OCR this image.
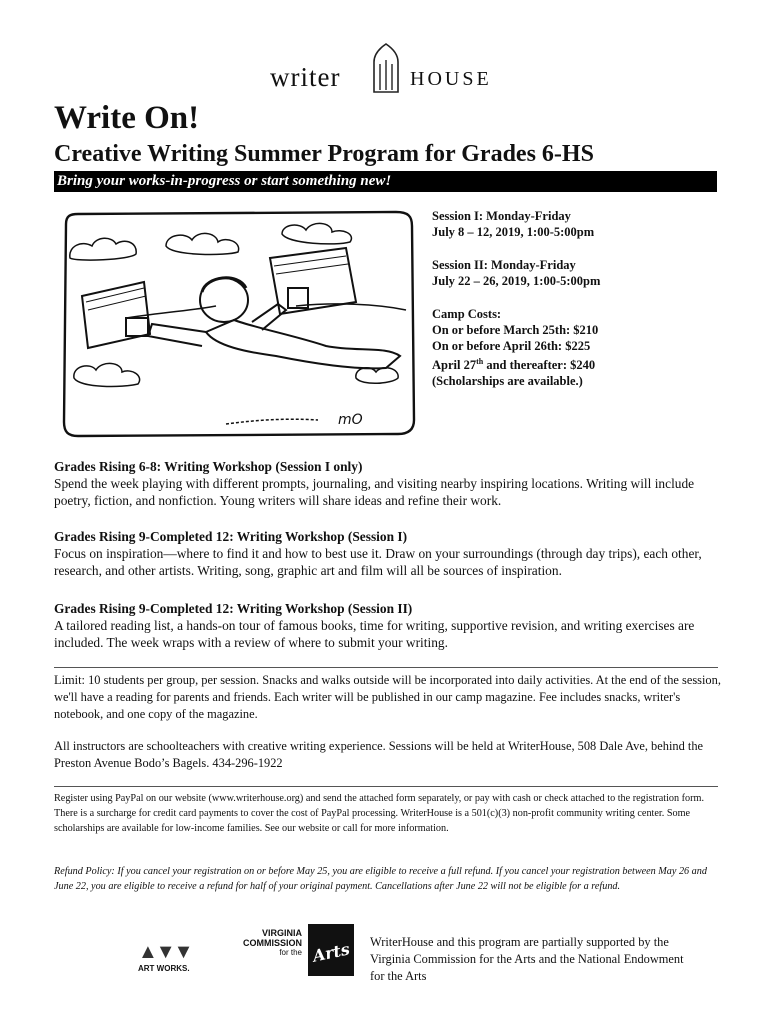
writer	HOUSE
Write On!
Creative Writing Summer Program for Grades 6-HS
Bring your works-in-progress or start something new!
mO
Session I: Monday-Friday
July 8 – 12, 2019, 1:00-5:00pm
Session II: Monday-Friday
July 22 – 26, 2019, 1:00-5:00pm
Camp Costs:
On or before March 25th: $210
On or before April 26th: $225
April 27th and thereafter: $240
(Scholarships are available.)
Grades Rising 6-8: Writing Workshop (Session I only)
Spend the week playing with different prompts, journaling, and visiting nearby inspiring locations. Writing will include poetry, fiction, and nonfiction. Young writers will share ideas and refine their work.
Grades Rising 9-Completed 12: Writing Workshop (Session I)
Focus on inspiration—where to find it and how to best use it. Draw on your surroundings (through day trips), each other, research, and other artists. Writing, song, graphic art and film will all be sources of inspiration.
Grades Rising 9-Completed 12: Writing Workshop (Session II)
A tailored reading list, a hands-on tour of famous books, time for writing, supportive revision, and writing exercises are included. The week wraps with a review of where to submit your writing.
Limit: 10 students per group, per session. Snacks and walks outside will be incorporated into daily activities. At the end of the session, we'll have a reading for parents and friends. Each writer will be published in our camp magazine. Fee includes snacks, writer's notebook, and one copy of the magazine.
All instructors are schoolteachers with creative writing experience. Sessions will be held at WriterHouse, 508 Dale Ave, behind the Preston Avenue Bodo’s Bagels. 434-296-1922
Register using PayPal on our website (www.writerhouse.org) and send the attached form separately, or pay with cash or check attached to the registration form. There is a surcharge for credit card payments to cover the cost of PayPal processing. WriterHouse is a 501(c)(3) non-profit community writing center. Some scholarships are available for low-income families. See our website or call for more information.
Refund Policy: If you cancel your registration on or before May 25, you are eligible to receive a full refund. If you cancel your registration between May 26 and June 22, you are eligible to receive a refund for half of your original payment. Cancellations after June 22 will not be eligible for a refund.
▲▼▼
ART WORKS.
VIRGINIA
COMMISSION
for the Arts WriterHouse and this program are partially supported by the Virginia Commission for the Arts and the National Endowment for the Arts
